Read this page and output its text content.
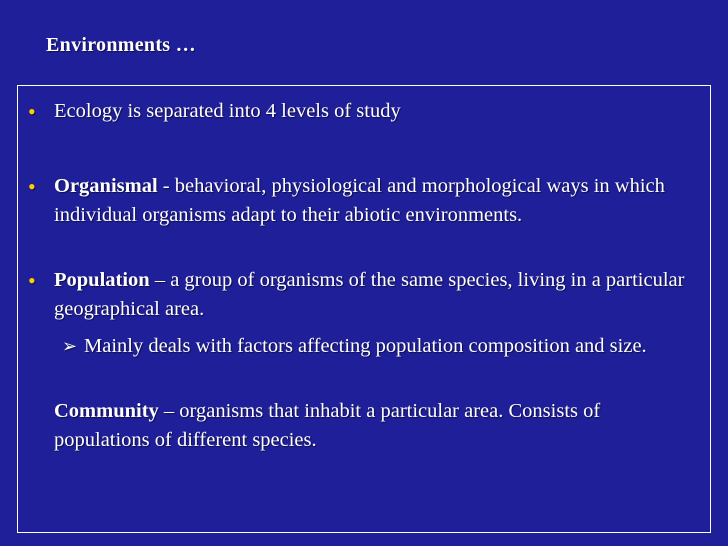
Environments …
• Ecology is separated into 4 levels of study
• Organismal - behavioral, physiological and morphological ways in which individual organisms adapt to their abiotic environments.
• Population – a group of organisms of the same species, living in a particular geographical area.
➢ Mainly deals with factors affecting population composition and size.
Community – organisms that inhabit a particular area. Consists of populations of different species.
